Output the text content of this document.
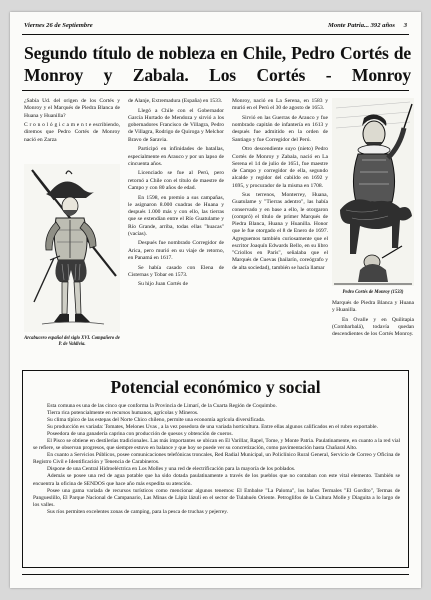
Viernes 26 de Septiembre	Monte Patria... 392 años 3
Segundo título de nobleza en Chile, Pedro Cortés de Monroy y Zabala. Los Cortés - Monroy

¿Sabía Ud. del origen de los Cortés y Monroy y el Marqués de Piedra Blanca de Huana y Huanilla?

C r o n o l ó g i c a m e n t e escribiendo, diremos que Pedro Cortés de Monroy nació en Zarza

Arcabucero español del siglo XVI. Compañero de P. de Valdivia.

de Alanje, Extremadura (España) en 1533.

Llegó a Chile con el Gobernador García Hurtado de Mendoza y sirvió a los gobernadores Francisco de Villagra, Pedro de Villagra, Rodrigo de Quiroga y Melchor Bravo de Saravia.

Participó en infinidades de batallas, especialmente en Arauco y por un lapso de cincuenta años.

Licenciado se fue al Perú, pero retornó a Chile con el título de maestre de Campo y con 80 años de edad.

En 1598, en premio a sus campañas, le asignaron 8.000 cuadras de Huana y después 1.000 más y con ello, las tierras que se extendían entre el Río Guatulame y Río Grande, arriba, todas ellas "huacas" (vacías).

Después fue nombrado Corregidor de Arica, pero murió en su viaje de retorno, en Panamá en 1617.

Se había casado con Elena de Cisternas y Tobar en 1573.

Su hijo Juan Cortés de

Monroy, nació en La Serena, en 1583 y murió en el Perú el 30 de agosto de 1653.

Sirvió en las Guerras de Arauco y fue nombrado capitán de infantería en 1613 y después fue admitido en la orden de Santiago y fue Corregidor del Perú.

Otro descendiente suyo (nieto) Pedro Cortés de Monroy y Zabala, nació en La Serena el 14 de julio de 1651, fue maestre de Campo y corregidor de ella, segundo alcalde y regidor del cabildo en 1692 y 1695, y procurador de la misma en 1708.

Sus terrenos, Monterrey, Huana, Guatulame y "Tierras adentro", las había conservado y en base a ello, le otorgaron (compró) el título de primer Marqués de Piedra Blanca, Huana y Huanilla. Honor que le fue otorgado el 8 de Enero de 1697. Agreguemos también curiosamente que el escritor Joaquín Edwards Bello, en su libro "Criollos en París", señalaba que el Marqués de Cuevas (bailarín, coreógrafo y de alta sociedad), también se hacía llamar

Pedro Cortés de Monroy (1533)

Marqués de Piedra Blanca y Huana y Huanilla.

En Ovalle y en Quilitapia (Combarbalá), todavía quedan descendientes de los Cortés Monroy.

Potencial económico y social

Esta comuna es una de las cinco que conforma la Provincia de Limarí, de la Cuarta Región de Coquimbo.

Tierra rica potencialmente en recursos humanos, agrícolas y Mineros.

Su clima típico de las estepas del Norte Chico chileno, permite una economía agrícola diversificada.

Su producción es variada: Tomates, Melones Uvas , a la vez posedora de una variada horticultura. Entre ellas algunos calificados en el rubro exportable.

Poseedora de una ganadería caprina con producción de quesos y obtención de cueros.

El Pisco se obtiene en destilerías tradicionales. Las más importantes se ubican en El Varillar, Rapel, Tome, y Monte Patria. Paulatinamente, en cuanto a la red vial se refiere, se observan progresos, que siempre estuvo en balance y que hoy se puede ver su concretización, como pavimentación hasta Chañaral Alto.

En cuanto a Servicios Públicos, posee comunicaciones telefónicas troncales, Red Radial Municipal, un Policlínico Rural General, Servicio de Correo y Oficina de Registro Civil e Identificación y Tenencia de Carabineros.

Dispone de una Central Hidroeléctrica en Los Molles y una red de electrificación para la mayoría de los poblados.

Además se posee una red de agua potable que ha sido dotada paulatinamente a través de los pueblos que no contaban con este vital elemento. También se encuentra la oficina de SENDOS que hace año más expedita su atención.

Posee una gama variada de recursos turísticos como mencionar algunos tenemos: El Embalse "La Paloma", los baños Termales "El Gordito", Termas de Pangueslillo, El Parque Nacional de Campanario, Las Minas de Lápiz lázuli en el sector de Tulahuén Oriente. Petroglifos de la Cultura Molle y Diaguita a lo largo de los valles.

Sus ríos permiten excelentes zonas de camping, para la pesca de truchas y pejerrey.
